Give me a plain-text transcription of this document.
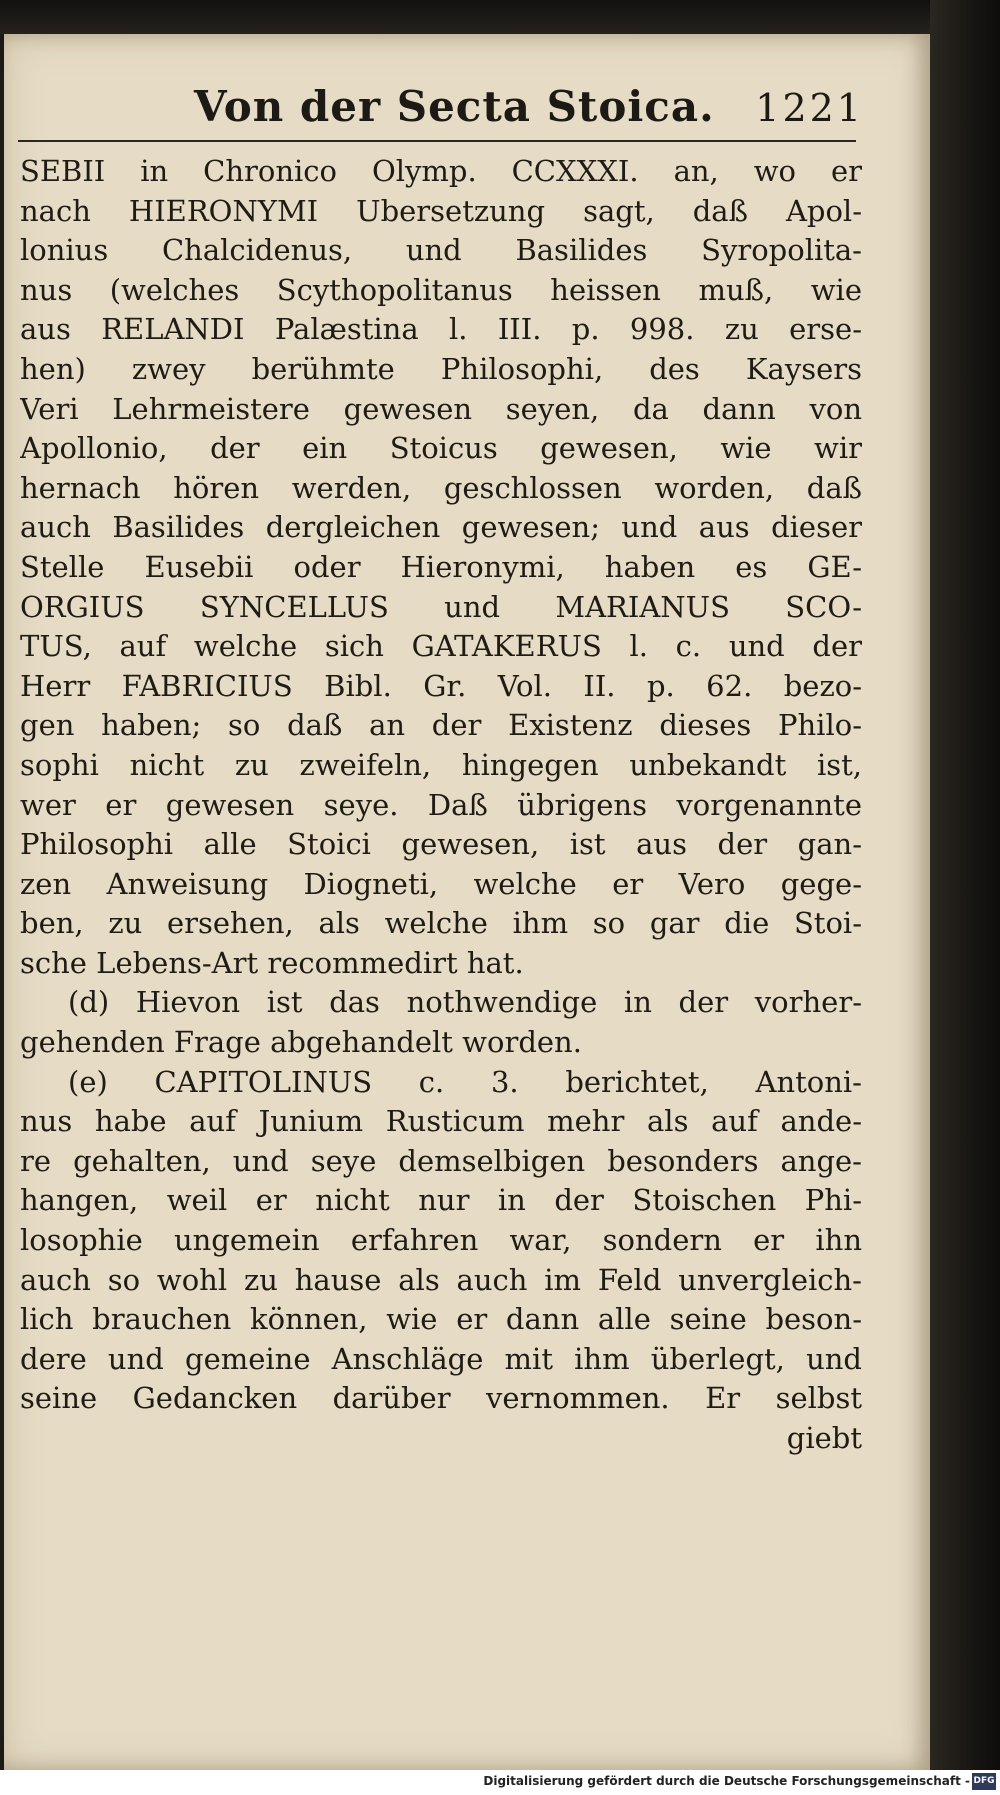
Von der Secta Stoica. 1221
SEBII in Chronico Olymp. CCXXXI. an, wo er
nach HIERONYMI Ubersetzung sagt, daß Apol-
lonius Chalcidenus, und Basilides Syropolita-
nus (welches Scythopolitanus heissen muß, wie
aus RELANDI Palæstina l. III. p. 998. zu erse-
hen) zwey berühmte Philosophi, des Kaysers
Veri Lehrmeistere gewesen seyen, da dann von
Apollonio, der ein Stoicus gewesen, wie wir
hernach hören werden, geschlossen worden, daß
auch Basilides dergleichen gewesen; und aus dieser
Stelle Eusebii oder Hieronymi, haben es GE-
ORGIUS SYNCELLUS und MARIANUS SCO-
TUS, auf welche sich GATAKERUS l. c. und der
Herr FABRICIUS Bibl. Gr. Vol. II. p. 62. bezo-
gen haben; so daß an der Existenz dieses Philo-
sophi nicht zu zweifeln, hingegen unbekandt ist,
wer er gewesen seye. Daß übrigens vorgenannte
Philosophi alle Stoici gewesen, ist aus der gan-
zen Anweisung Diogneti, welche er Vero gege-
ben, zu ersehen, als welche ihm so gar die Stoi-
sche Lebens-Art recommedirt hat.
(d) Hievon ist das nothwendige in der vorher-
gehenden Frage abgehandelt worden.
(e) CAPITOLINUS c. 3. berichtet, Antoni-
nus habe auf Junium Rusticum mehr als auf ande-
re gehalten, und seye demselbigen besonders ange-
hangen, weil er nicht nur in der Stoischen Phi-
losophie ungemein erfahren war, sondern er ihn
auch so wohl zu hause als auch im Feld unvergleich-
lich brauchen können, wie er dann alle seine beson-
dere und gemeine Anschläge mit ihm überlegt, und
seine Gedancken darüber vernommen. Er selbst
giebt
Digitalisierung gefördert durch die Deutsche Forschungsgemeinschaft - DFG
